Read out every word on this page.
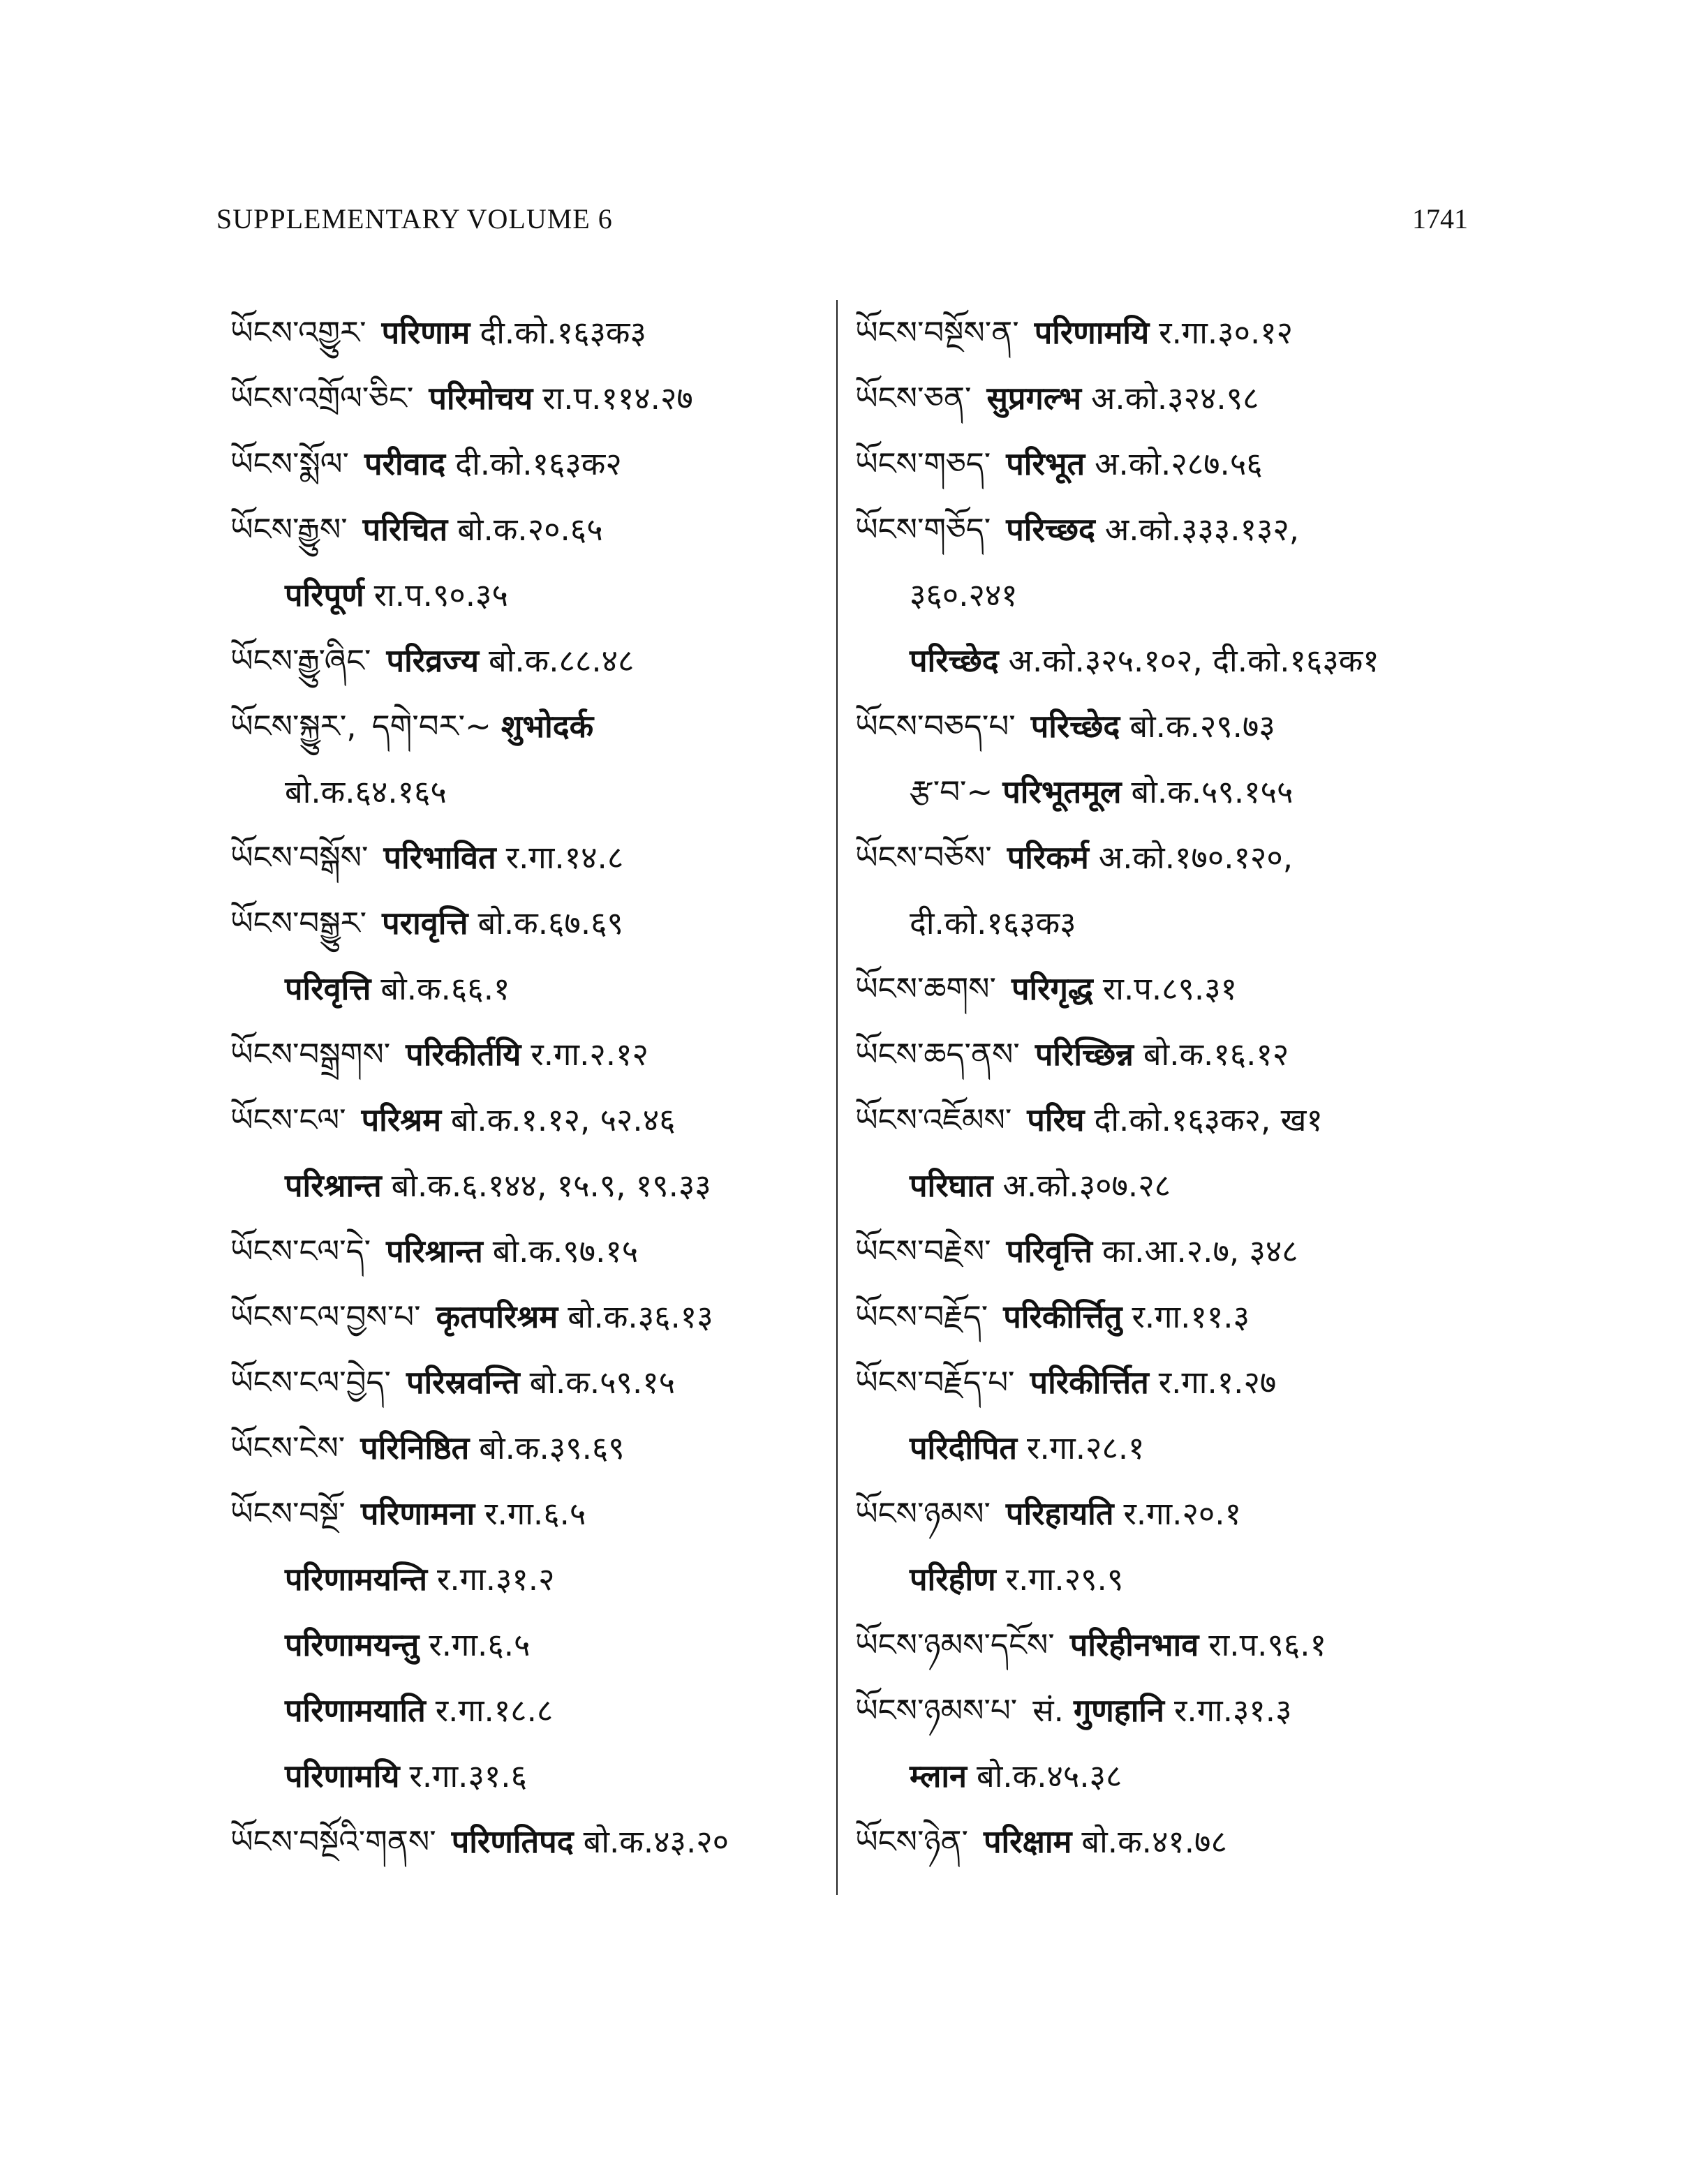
SUPPLEMENTARY VOLUME 6	1741
ཡོངས་འགྱུར་ परिणाम दी.को.१६३क३
ཡོངས་འགྲོལ་ཅིང་ परिमोचय रा.प.११४.२७
ཡོངས་སྨོལ་ परीवाद दी.को.१६३क२
ཡོངས་རྒྱུས་ परिचित बो.क.२०.६५
परिपूर्ण रा.प.९०.३५
ཡོངས་རྒྱུ་ཞིང་ परिव्रज्य बो.क.८८.४८
ཡོངས་སྐྱུར་, དགེ་བར་~ शुभोदर्क
बो.क.६४.१६५
ཡོངས་བསྒོས་ परिभावित र.गा.१४.८
ཡོངས་བསྒྱུར་ परावृत्ति बो.क.६७.६९
परिवृत्ति बो.क.६६.१
ཡོངས་བསྒྲགས་ परिकीर्तयि र.गा.२.१२
ཡོངས་ངལ་ परिश्रम बो.क.१.१२, ५२.४६
परिश्रान्त बो.क.६.१४४, १५.९, १९.३३
ཡོངས་ངལ་དེ་ परिश्रान्त बो.क.९७.१५
ཡོངས་ངལ་བྱས་པ་ कृतपरिश्रम बो.क.३६.१३
ཡོངས་ངལ་བྱེད་ परिस्रवन्ति बो.क.५९.१५
ཡོངས་ངེས་ परिनिष्ठित बो.क.३९.६९
ཡོངས་བསྔོ་ परिणामना र.गा.६.५
परिणामयन्ति र.गा.३१.२
परिणामयन्तु र.गा.६.५
परिणामयाति र.गा.१८.८
परिणामयि र.गा.३१.६
ཡོངས་བསྔོའི་གནས་ परिणतिपद बो.क.४३.२०
ཡོངས་བསྔོས་ན་ परिणामयि र.गा.३०.१२
ཡོངས་ཅན་ सुप्रगल्भ अ.को.३२४.९८
ཡོངས་གཅད་ परिभूत अ.को.२८७.५६
ཡོངས་གཅོད་ परिच्छद अ.को.३३३.१३२,
३६०.२४१
परिच्छेद अ.को.३२५.१०२, दी.को.१६३क१
ཡོངས་བཅད་པ་ परिच्छेद बो.क.२९.७३
རྩ་བ་~ परिभूतमूल बो.क.५९.१५५
ཡོངས་བཅོས་ परिकर्म अ.को.१७०.१२०,
दी.को.१६३क३
ཡོངས་ཆགས་ परिगृद्ध रा.प.८९.३१
ཡོངས་ཆད་ནས་ परिच्छिन्न बो.क.१६.१२
ཡོངས་འཇོམས་ परिघ दी.को.१६३क२, ख१
परिघात अ.को.३०७.२८
ཡོངས་བརྗེས་ परिवृत्ति का.आ.२.७, ३४८
ཡོངས་བརྗོད་ परिकीर्त्तितु र.गा.११.३
ཡོངས་བརྗོད་པ་ परिकीर्त्तित र.गा.१.२७
परिदीपित र.गा.२८.१
ཡོངས་ཉམས་ परिहायति र.गा.२०.१
परिहीण र.गा.२९.९
ཡོངས་ཉམས་དངོས་ परिहीनभाव रा.प.९६.१
ཡོངས་ཉམས་པ་ सं. गुणहानि र.गा.३१.३
म्लान बो.क.४५.३८
ཡོངས་ཉེན་ परिक्षाम बो.क.४१.७८
